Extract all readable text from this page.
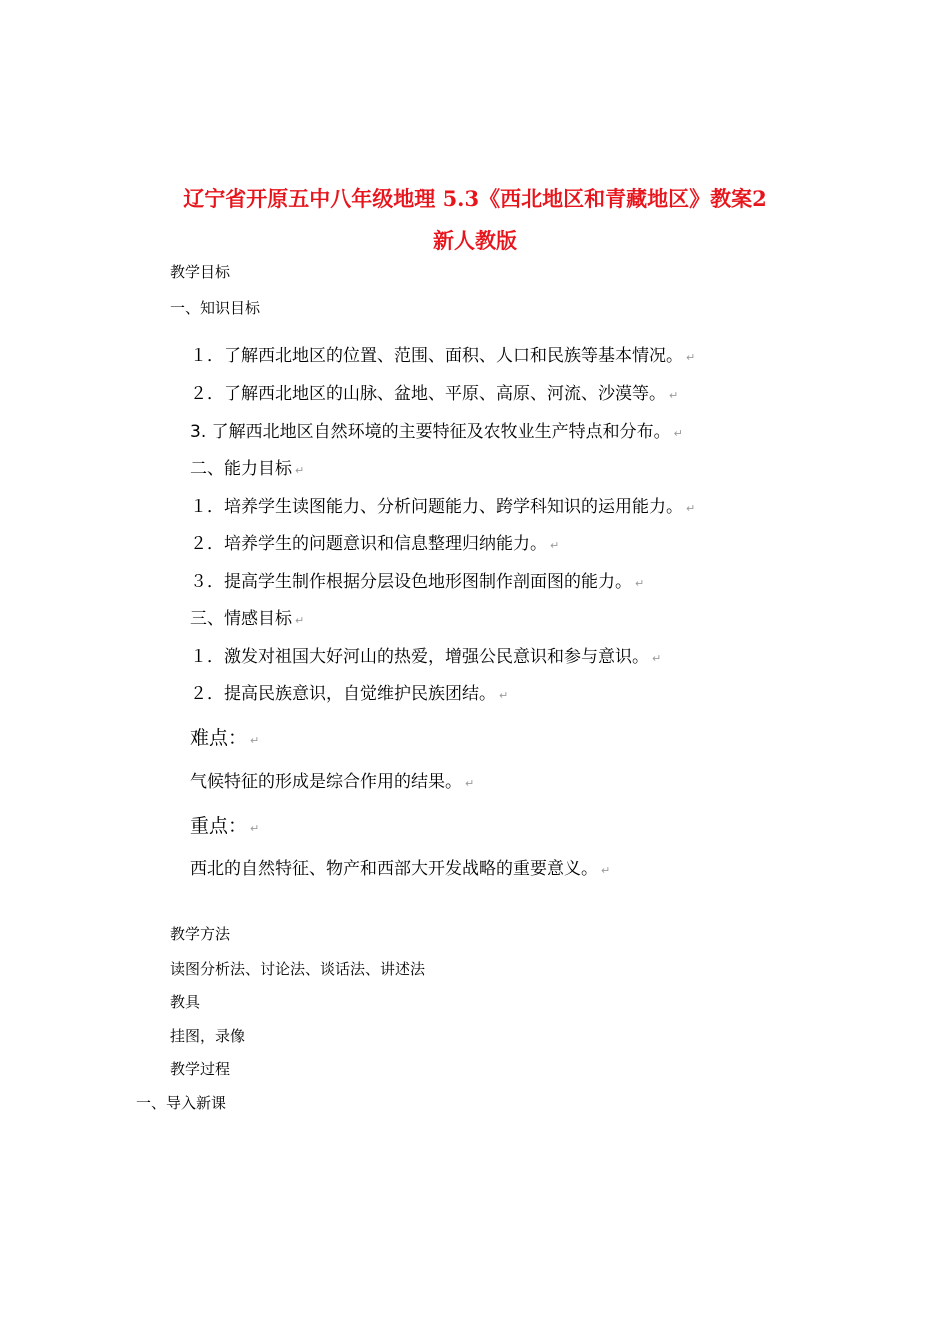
辽宁省开原五中八年级地理 5.3《西北地区和青藏地区》教案2
新人教版
教学目标
一、知识目标
１．了解西北地区的位置、范围、面积、人口和民族等基本情况。 ↵
２．了解西北地区的山脉、盆地、平原、高原、河流、沙漠等。 ↵
3. 了解西北地区自然环境的主要特征及农牧业生产特点和分布。 ↵
二、能力目标 ↵
１．培养学生读图能力、分析问题能力、跨学科知识的运用能力。 ↵
２．培养学生的问题意识和信息整理归纳能力。 ↵
３．提高学生制作根据分层设色地形图制作剖面图的能力。 ↵
三、情感目标 ↵
１．激发对祖国大好河山的热爱，增强公民意识和参与意识。 ↵
２．提高民族意识，自觉维护民族团结。 ↵
难点： ↵
气候特征的形成是综合作用的结果。 ↵
重点： ↵
西北的自然特征、物产和西部大开发战略的重要意义。 ↵
教学方法
读图分析法、讨论法、谈话法、讲述法
教具
挂图，录像
教学过程
一、导入新课
